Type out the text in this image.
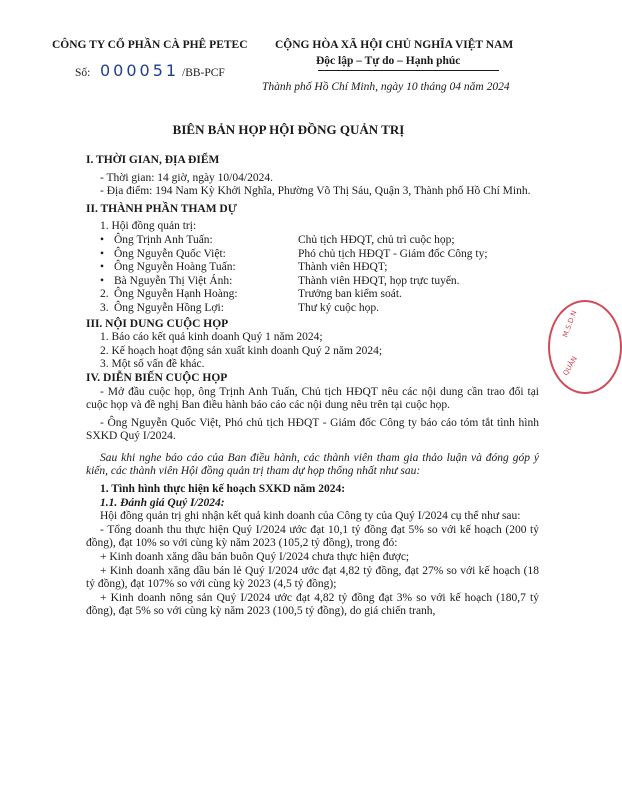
CÔNG TY CỔ PHẦN CÀ PHÊ PETEC CỘNG HÒA XÃ HỘI CHỦ NGHĨA VIỆT NAM
Độc lập – Tự do – Hạnh phúc
Số: 000051 /BB-PCF
Thành phố Hồ Chí Minh, ngày 10 tháng 04 năm 2024
BIÊN BẢN HỌP HỘI ĐỒNG QUẢN TRỊ

I. THỜI GIAN, ĐỊA ĐIỂM

- Thời gian: 14 giờ, ngày 10/04/2024.

- Địa điểm: 194 Nam Kỳ Khởi Nghĩa, Phường Võ Thị Sáu, Quận 3, Thành phố Hồ Chí Minh.

II. THÀNH PHẦN THAM DỰ

1. Hội đồng quản trị:

• Ông Trịnh Anh Tuấn:	Chủ tịch HĐQT, chủ trì cuộc họp;
• Ông Nguyễn Quốc Việt:	Phó chủ tịch HĐQT - Giám đốc Công ty;
• Ông Nguyễn Hoàng Tuấn:	Thành viên HĐQT;
• Bà Nguyễn Thị Việt Ánh:	Thành viên HĐQT, họp trực tuyến.
2. Ông Nguyễn Hạnh Hoàng:	Trưởng ban kiểm soát.
3. Ông Nguyễn Hồng Lợi:	Thư ký cuộc họp.

III. NỘI DUNG CUỘC HỌP

1. Báo cáo kết quả kinh doanh Quý 1 năm 2024;

2. Kế hoạch hoạt động sản xuất kinh doanh Quý 2 năm 2024;

3. Một số vấn đề khác.

IV. DIỄN BIẾN CUỘC HỌP

- Mở đầu cuộc họp, ông Trịnh Anh Tuấn, Chủ tịch HĐQT nêu các nội dung cần trao đổi tại cuộc họp và đề nghị Ban điều hành báo cáo các nội dung nêu trên tại cuộc họp.

- Ông Nguyễn Quốc Việt, Phó chủ tịch HĐQT - Giám đốc Công ty báo cáo tóm tắt tình hình SXKD Quý I/2024.

Sau khi nghe báo cáo của Ban điều hành, các thành viên tham gia thảo luận và đóng góp ý kiến, các thành viên Hội đồng quản trị tham dự họp thống nhất như sau:

1. Tình hình thực hiện kế hoạch SXKD năm 2024:

1.1. Đánh giá Quý I/2024:

Hội đồng quản trị ghi nhận kết quả kinh doanh của Công ty của Quý I/2024 cụ thể như sau:

- Tổng doanh thu thực hiện Quý I/2024 ước đạt 10,1 tỷ đồng đạt 5% so với kế hoạch (200 tỷ đồng), đạt 10% so với cùng kỳ năm 2023 (105,2 tỷ đồng), trong đó:

+ Kinh doanh xăng dầu bán buôn Quý I/2024 chưa thực hiện được;

+ Kinh doanh xăng dầu bán lẻ Quý I/2024 ước đạt 4,82 tỷ đồng, đạt 27% so với kế hoạch (18 tỷ đồng), đạt 107% so với cùng kỳ 2023 (4,5 tỷ đồng);

+ Kinh doanh nông sản Quý I/2024 ước đạt 4,82 tỷ đồng đạt 3% so với kế hoạch (180,7 tỷ đồng), đạt 5% so với cùng kỳ năm 2023 (100,5 tỷ đồng), do giá chiến tranh,

M.S.D.N
QUẬN
